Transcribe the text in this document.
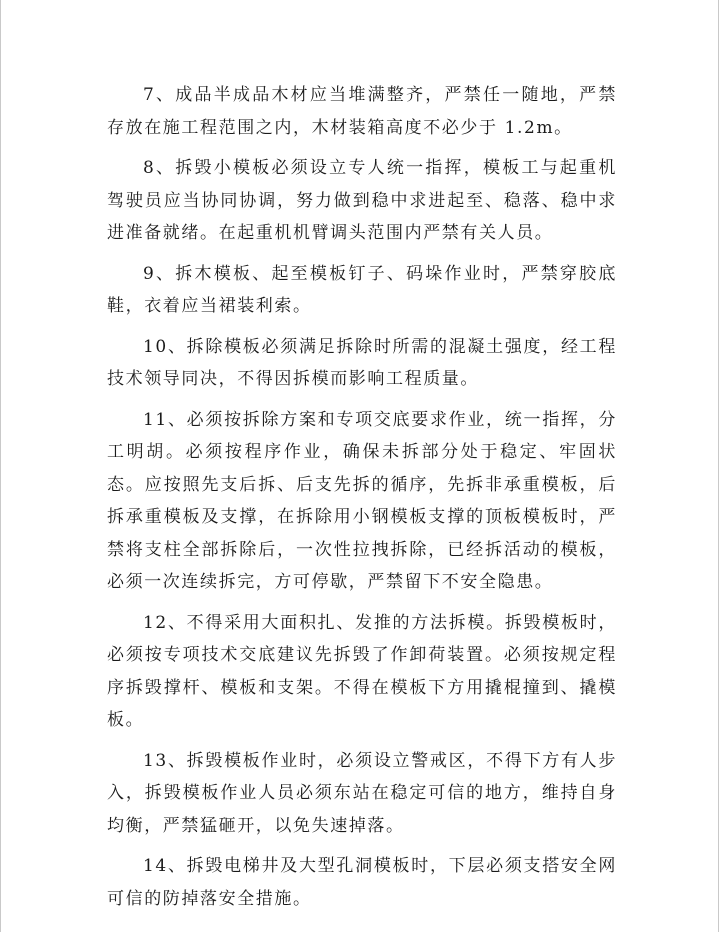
7、成品半成品木材应当堆满整齐，严禁任一随地，严禁存放在施工程范围之内，木材装箱高度不必少于 1.2m。

8、拆毁小模板必须设立专人统一指挥，模板工与起重机驾驶员应当协同协调，努力做到稳中求进起至、稳落、稳中求进准备就绪。在起重机机臂调头范围内严禁有关人员。

9、拆木模板、起至模板钉子、码垛作业时，严禁穿胶底鞋，衣着应当裙装利索。

10、拆除模板必须满足拆除时所需的混凝土强度，经工程技术领导同决，不得因拆模而影响工程质量。

11、必须按拆除方案和专项交底要求作业，统一指挥，分工明胡。必须按程序作业，确保未拆部分处于稳定、牢固状态。应按照先支后拆、后支先拆的循序，先拆非承重模板，后拆承重模板及支撑，在拆除用小钢模板支撑的顶板模板时，严禁将支柱全部拆除后，一次性拉拽拆除，已经拆活动的模板，必须一次连续拆完，方可停歇，严禁留下不安全隐患。

12、不得采用大面积扎、发推的方法拆模。拆毁模板时，必须按专项技术交底建议先拆毁了作卸荷装置。必须按规定程序拆毁撑杆、模板和支架。不得在模板下方用撬棍撞到、撬模板。

13、拆毁模板作业时，必须设立警戒区，不得下方有人步入，拆毁模板作业人员必须东站在稳定可信的地方，维持自身均衡，严禁猛砸开，以免失速掉落。

14、拆毁电梯井及大型孔洞模板时，下层必须支搭安全网可信的防掉落安全措施。
